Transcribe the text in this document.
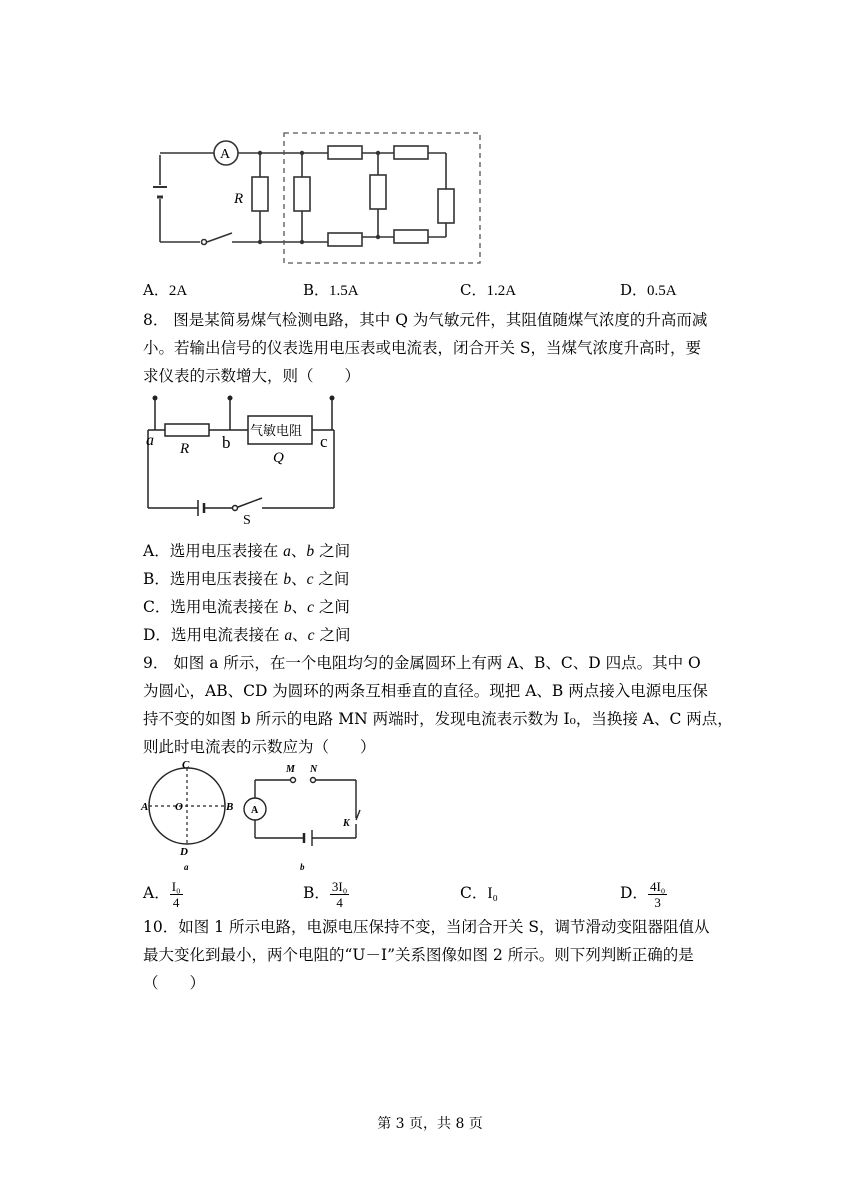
A
R
A．2A	B．1.5A	C．1.2A	D．0.5A
8． 图是某简易煤气检测电路，其中 Q 为气敏元件，其阻值随煤气浓度的升高而减
小。若输出信号的仪表选用电压表或电流表，闭合开关 S，当煤气浓度升高时，要
求仪表的示数增大，则（　　）
a	b	c
R
气敏电阻
Q
S
A．选用电压表接在 a、b 之间
B．选用电压表接在 b、c 之间
C．选用电流表接在 b、c 之间
D．选用电流表接在 a、c 之间
9． 如图 a 所示，在一个电阻均匀的金属圆环上有两 A、B、C、D 四点。其中 O
为圆心，AB、CD 为圆环的两条互相垂直的直径。现把 A、B 两点接入电源电压保
持不变的如图 b 所示的电路 MN 两端时，发现电流表示数为 I₀，当换接 A、C 两点，
则此时电流表的示数应为（　　）
C
A O	B
D
a
M N
A
K
b
A． $\frac{\text{I₀}}{4}$	B． $\frac{\text{3I₀}}{4}$	C．I₀	D． $\frac{\text{4I₀}}{3}$
10．如图 1 所示电路，电源电压保持不变，当闭合开关 S，调节滑动变阻器阻值从
最大变化到最小，两个电阻的“U－I”关系图像如图 2 所示。则下列判断正确的是
（　　）
第 3 页，共 8 页
